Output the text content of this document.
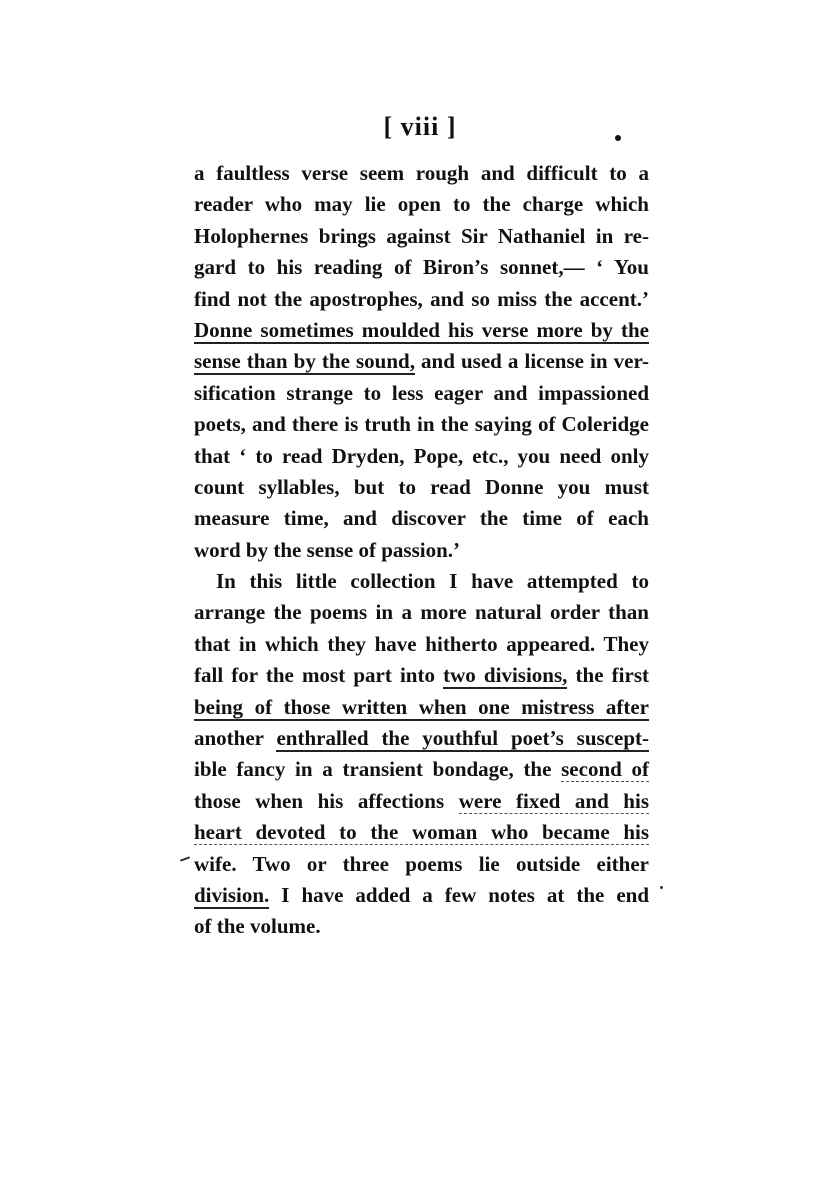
[ viii ]
a faultless verse seem rough and difficult to a
reader who may lie open to the charge which
Holophernes brings against Sir Nathaniel in re-
gard to his reading of Biron’s sonnet,— ‘ You
find not the apostrophes, and so miss the accent.’
Donne sometimes moulded his verse more by the
sense than by the sound, and used a license in ver-
sification strange to less eager and impassioned
poets, and there is truth in the saying of Coleridge
that ‘ to read Dryden, Pope, etc., you need only
count syllables, but to read Donne you must
measure time, and discover the time of each
word by the sense of passion.’
In this little collection I have attempted to
arrange the poems in a more natural order than
that in which they have hitherto appeared. They
fall for the most part into two divisions, the first
being of those written when one mistress after
another enthralled the youthful poet’s suscept-
ible fancy in a transient bondage, the second of
those when his affections were fixed and his
heart devoted to the woman who became his
wife. Two or three poems lie outside either
division. I have added a few notes at the end
of the volume.
